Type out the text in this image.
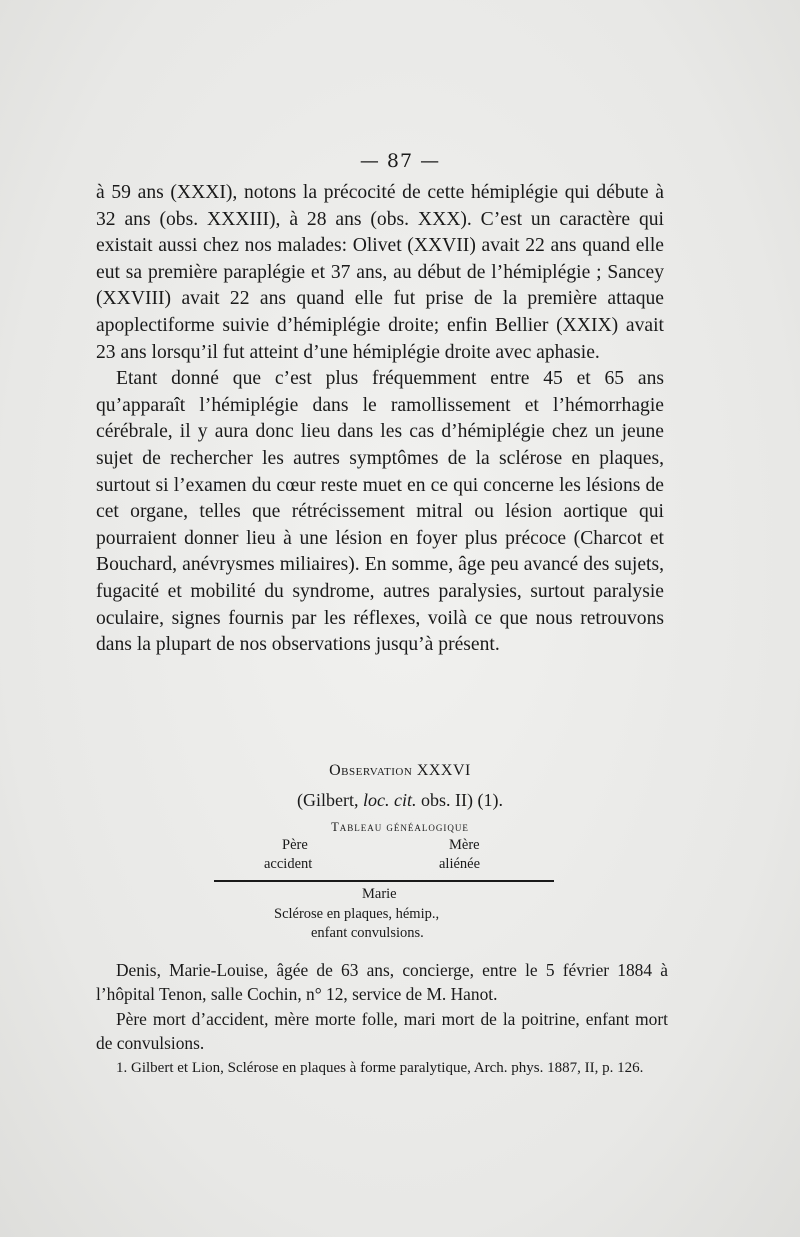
— 87 —

à 59 ans (XXXI), notons la précocité de cette hémiplégie qui débute à 32 ans (obs. XXXIII), à 28 ans (obs. XXX). C’est un caractère qui existait aussi chez nos malades: Olivet (XXVII) avait 22 ans quand elle eut sa première paraplégie et 37 ans, au début de l’hémiplégie ; Sancey (XXVIII) avait 22 ans quand elle fut prise de la première attaque apoplectiforme suivie d’hémiplégie droite; enfin Bellier (XXIX) avait 23 ans lorsqu’il fut atteint d’une hémiplégie droite avec aphasie.

Etant donné que c’est plus fréquemment entre 45 et 65 ans qu’apparaît l’hémiplégie dans le ramollissement et l’hémorrhagie cérébrale, il y aura donc lieu dans les cas d’hémiplégie chez un jeune sujet de rechercher les autres symptômes de la sclérose en plaques, surtout si l’examen du cœur reste muet en ce qui concerne les lésions de cet organe, telles que rétrécissement mitral ou lésion aortique qui pourraient donner lieu à une lésion en foyer plus précoce (Charcot et Bouchard, anévrysmes miliaires). En somme, âge peu avancé des sujets, fugacité et mobilité du syndrome, autres paralysies, surtout paralysie oculaire, signes fournis par les réflexes, voilà ce que nous retrouvons dans la plupart de nos observations jusqu’à présent.

Observation XXXVI
(Gilbert, loc. cit. obs. II) (1).
Tableau généalogique
Père
accident
Mère
aliénée
Marie
Sclérose en plaques, hémip.,
enfant convulsions.

Denis, Marie-Louise, âgée de 63 ans, concierge, entre le 5 février 1884 à l’hôpital Tenon, salle Cochin, n° 12, service de M. Hanot.

Père mort d’accident, mère morte folle, mari mort de la poitrine, enfant mort de convulsions.

1. Gilbert et Lion, Sclérose en plaques à forme paralytique, Arch. phys. 1887, II, p. 126.
